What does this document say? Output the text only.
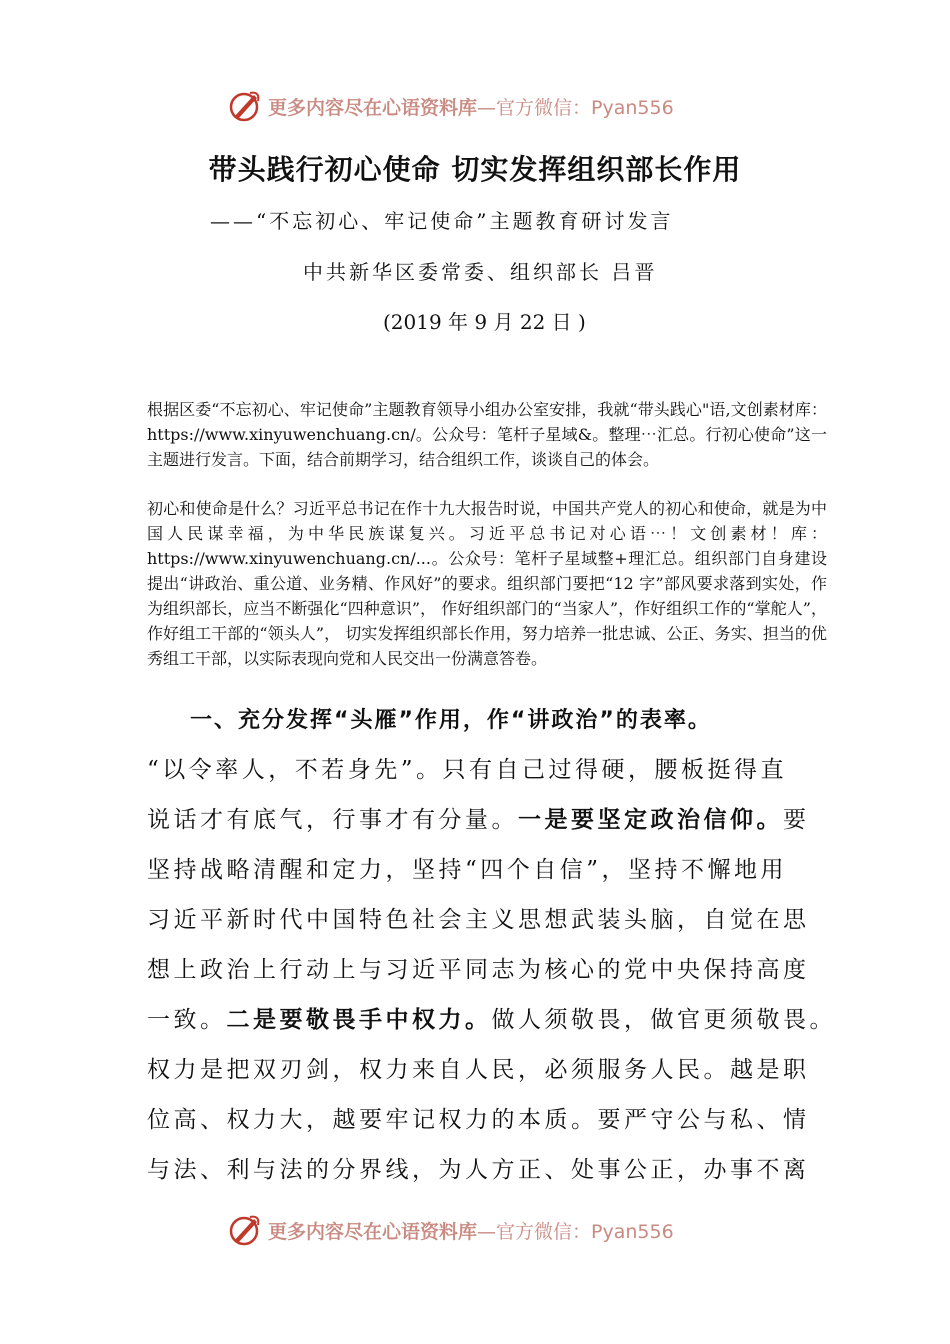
更多内容尽在心语资料库 —官方微信：Pyan556
带头践行初心使命 切实发挥组织部长作用
——“不忘初心、牢记使命”主题教育研讨发言
中共新华区委常委、组织部长 吕晋
(2019 年 9 月 22 日 )

根据区委“不忘初心、牢记使命”主题教育领导小组办公室安排，我就“带头践心"语,文创素材库：https://www.xinyuwenchuang.cn/。公众号：笔杆子星域&。整理⋯汇总。行初心使命”这一主题进行发言。下面，结合前期学习，结合组织工作，谈谈自己的体会。

初心和使命是什么？习近平总书记在作十九大报告时说，中国共产党人的初心和使命，就是为中国人民谋幸福，为中华民族谋复兴。习近平总书记对心语⋯！文创素材！库：https://www.xinyuwenchuang.cn/...。公众号：笔杆子星域整+理汇总。组织部门自身建设提出“讲政治、重公道、业务精、作风好”的要求。组织部门要把“12 字”部风要求落到实处，作为组织部长，应当不断强化“四种意识”， 作好组织部门的“当家人”，作好组织工作的“掌舵人”，作好组工干部的“领头人”， 切实发挥组织部长作用，努力培养一批忠诚、公正、务实、担当的优秀组工干部，以实际表现向党和人民交出一份满意答卷。

一、充分发挥“头雁”作用，作“讲政治”的表率。

“以令率人，不若身先”。只有自己过得硬，腰板挺得直
说话才有底气，行事才有分量。一是要坚定政治信仰。要
坚持战略清醒和定力，坚持“四个自信”，坚持不懈地用
习近平新时代中国特色社会主义思想武装头脑，自觉在思
想上政治上行动上与习近平同志为核心的党中央保持高度
一致。二是要敬畏手中权力。做人须敬畏，做官更须敬畏。
权力是把双刃剑，权力来自人民，必须服务人民。越是职
位高、权力大，越要牢记权力的本质。要严守公与私、情
与法、利与法的分界线，为人方正、处事公正，办事不离
更多内容尽在心语资料库 —官方微信：Pyan556
